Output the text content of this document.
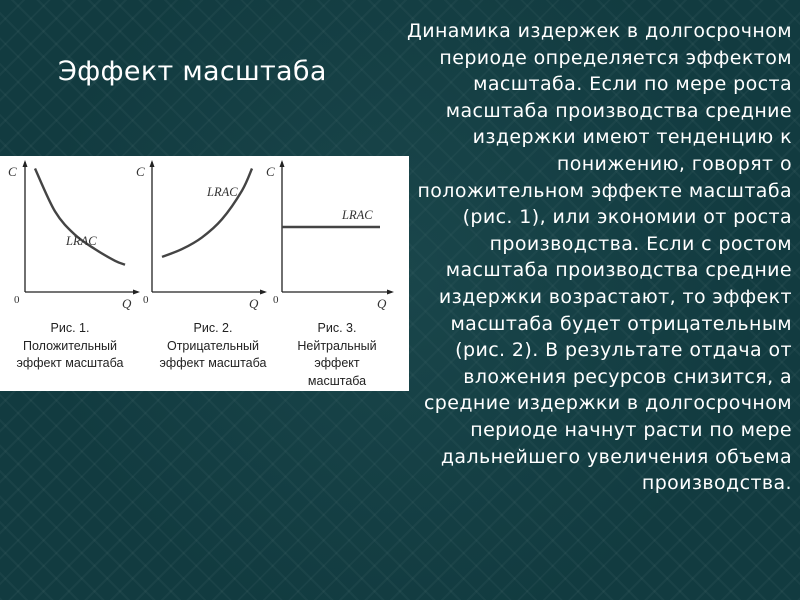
Эффект масштаба
Динамика издержек в долгосрочном периоде определяется эффектом масштаба. Если по мере роста масштаба производства средние издержки имеют тенденцию к понижению, говорят о положительном эффекте масштаба (рис. 1), или экономии от роста производства. Если с ростом масштаба производства средние издержки возрастают, то эффект масштаба будет отрицательным (рис. 2). В результате отдача от вложения ресурсов снизится, а средние издержки в долгосрочном периоде начнут расти по мере дальнейшего увеличения объема производства.
C
Q
0
LRAC
C
Q
0
LRAC
C
Q
0
LRAC
Рис. 1.
Положительный
эффект масштаба
Рис. 2.
Отрицательный
эффект масштаба
Рис. 3.
Нейтральный
эффект
масштаба
